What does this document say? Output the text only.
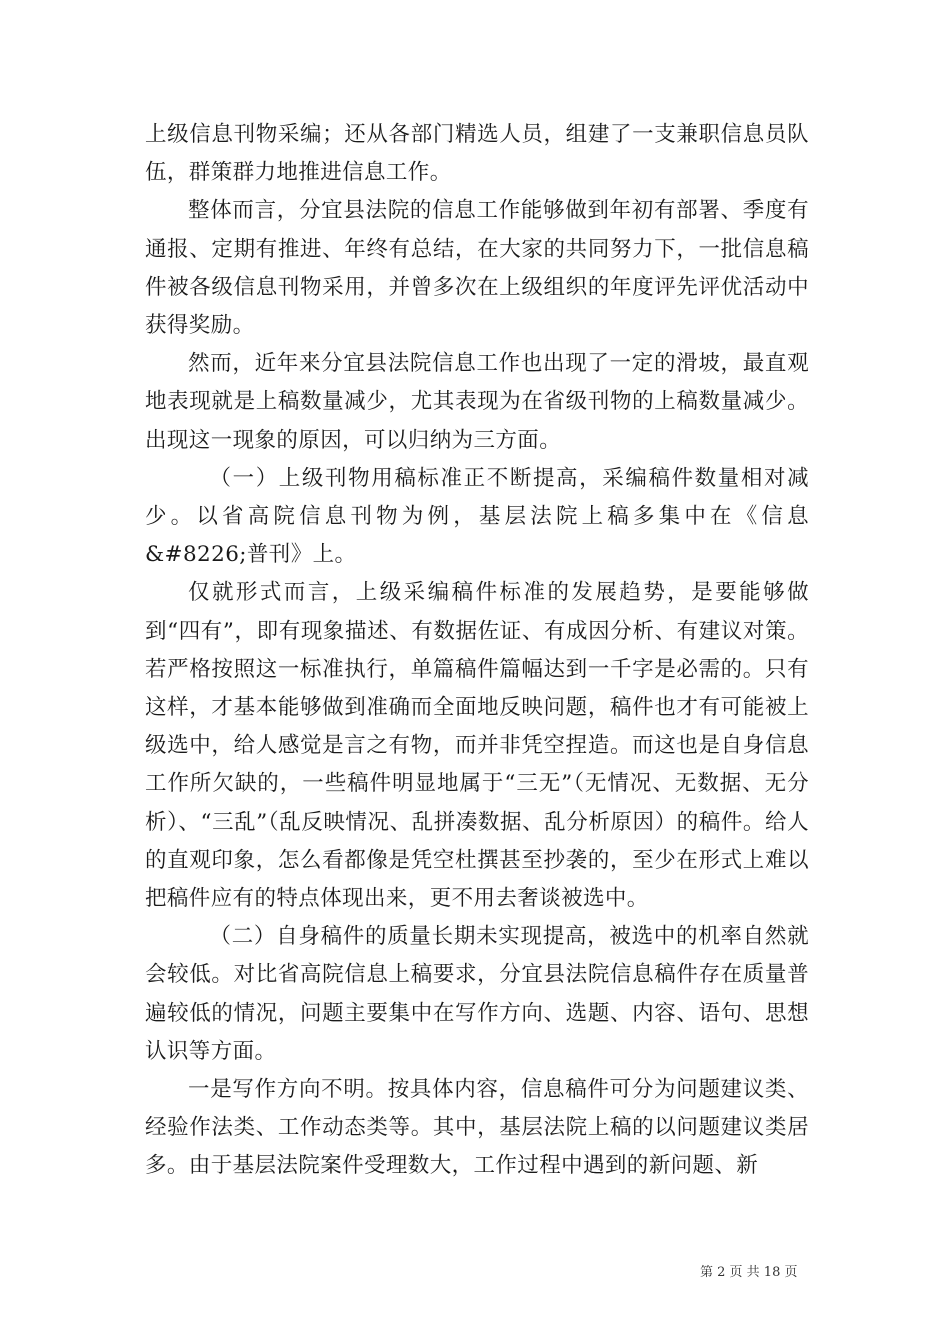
上级信息刊物采编；还从各部门精选人员，组建了一支兼职信息员队伍，群策群力地推进信息工作。

整体而言，分宜县法院的信息工作能够做到年初有部署、季度有通报、定期有推进、年终有总结，在大家的共同努力下，一批信息稿件被各级信息刊物采用，并曾多次在上级组织的年度评先评优活动中获得奖励。

然而，近年来分宜县法院信息工作也出现了一定的滑坡，最直观地表现就是上稿数量减少，尤其表现为在省级刊物的上稿数量减少。出现这一现象的原因，可以归纳为三方面。

（一）上级刊物用稿标准正不断提高，采编稿件数量相对减少。以省高院信息刊物为例，基层法院上稿多集中在《信息&#8226;普刊》上。

仅就形式而言，上级采编稿件标准的发展趋势，是要能够做到“四有”，即有现象描述、有数据佐证、有成因分析、有建议对策。若严格按照这一标准执行，单篇稿件篇幅达到一千字是必需的。只有这样，才基本能够做到准确而全面地反映问题，稿件也才有可能被上级选中，给人感觉是言之有物，而并非凭空捏造。而这也是自身信息工作所欠缺的，一些稿件明显地属于“三无”（无情况、无数据、无分析）、“三乱”（乱反映情况、乱拼凑数据、乱分析原因）的稿件。给人的直观印象，怎么看都像是凭空杜撰甚至抄袭的，至少在形式上难以把稿件应有的特点体现出来，更不用去奢谈被选中。

（二）自身稿件的质量长期未实现提高，被选中的机率自然就会较低。对比省高院信息上稿要求，分宜县法院信息稿件存在质量普遍较低的情况，问题主要集中在写作方向、选题、内容、语句、思想认识等方面。

一是写作方向不明。按具体内容，信息稿件可分为问题建议类、经验作法类、工作动态类等。其中，基层法院上稿的以问题建议类居多。由于基层法院案件受理数大，工作过程中遇到的新问题、新

第 2 页 共 18 页
